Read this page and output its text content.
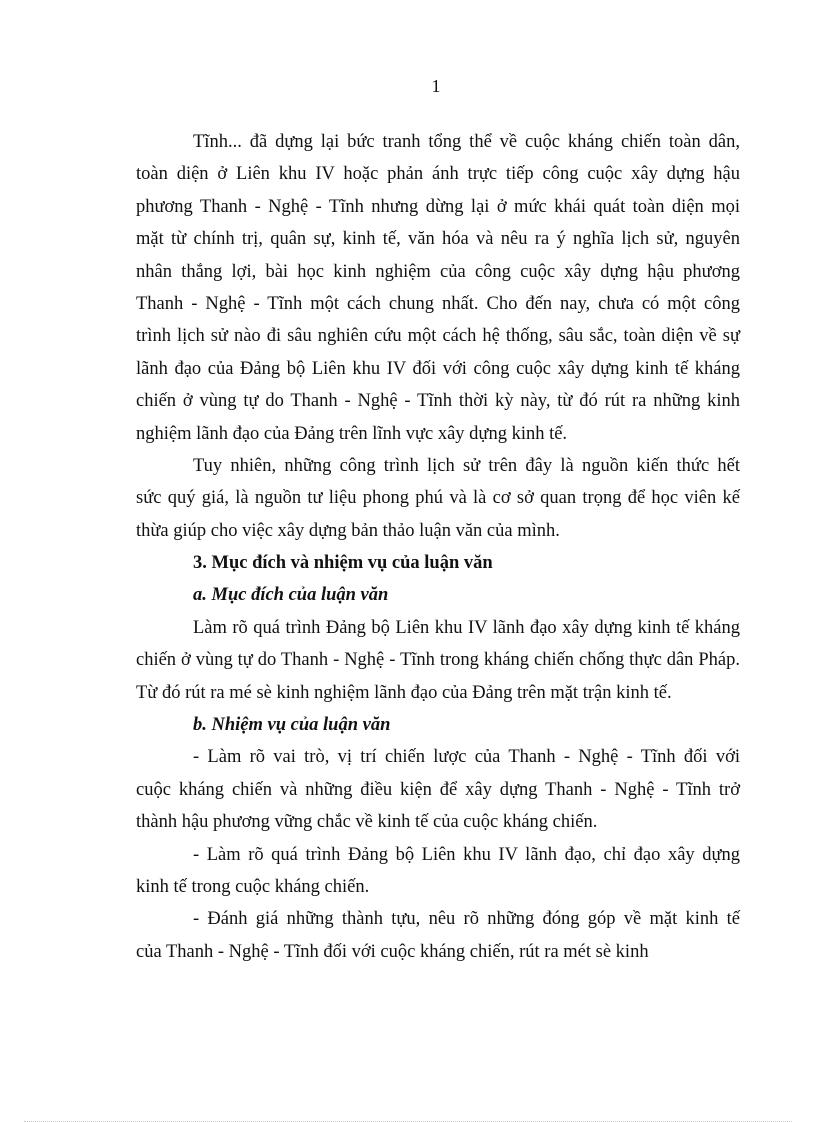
1
Tĩnh... đã dựng lại bức tranh tổng thể về cuộc kháng chiến toàn dân,
toàn diện ở Liên khu IV hoặc phản ánh trực tiếp công cuộc xây dựng hậu
phương Thanh - Nghệ - Tĩnh nhưng dừng lại ở mức khái quát toàn diện mọi
mặt từ chính trị, quân sự, kinh tế, văn hóa và nêu ra ý nghĩa lịch sử, nguyên
nhân thắng lợi, bài học kinh nghiệm của công cuộc xây dựng hậu phương
Thanh - Nghệ - Tĩnh một cách chung nhất. Cho đến nay, chưa có một công
trình lịch sử nào đi sâu nghiên cứu một cách hệ thống, sâu sắc, toàn diện về sự
lãnh đạo của Đảng bộ Liên khu IV đối với công cuộc xây dựng kinh tế kháng
chiến ở vùng tự do Thanh - Nghệ - Tĩnh thời kỳ này, từ đó rút ra những kinh
nghiệm lãnh đạo của Đảng trên lĩnh vực xây dựng kinh tế.
Tuy nhiên, những công trình lịch sử trên đây là nguồn kiến thức hết
sức quý giá, là nguồn tư liệu phong phú và là cơ sở quan trọng để học viên kế
thừa giúp cho việc xây dựng bản thảo luận văn của mình.
3. Mục đích và nhiệm vụ của luận văn
a. Mục đích của luận văn
Làm rõ quá trình Đảng bộ Liên khu IV lãnh đạo xây dựng kinh tế kháng
chiến ở vùng tự do Thanh - Nghệ - Tĩnh trong kháng chiến chống thực dân Pháp.
Từ đó rút ra mé sè kinh nghiệm lãnh đạo của Đảng trên mặt trận kinh tế.
b. Nhiệm vụ của luận văn
- Làm rõ vai trò, vị trí chiến lược của Thanh - Nghệ - Tĩnh đối với
cuộc kháng chiến và những điều kiện để xây dựng Thanh - Nghệ - Tĩnh trở
thành hậu phương vững chắc về kinh tế của cuộc kháng chiến.
- Làm rõ quá trình Đảng bộ Liên khu IV lãnh đạo, chỉ đạo xây dựng
kinh tế trong cuộc kháng chiến.
- Đánh giá những thành tựu, nêu rõ những đóng góp về mặt kinh tế
của Thanh - Nghệ - Tĩnh đối với cuộc kháng chiến, rút ra mét sè kinh
